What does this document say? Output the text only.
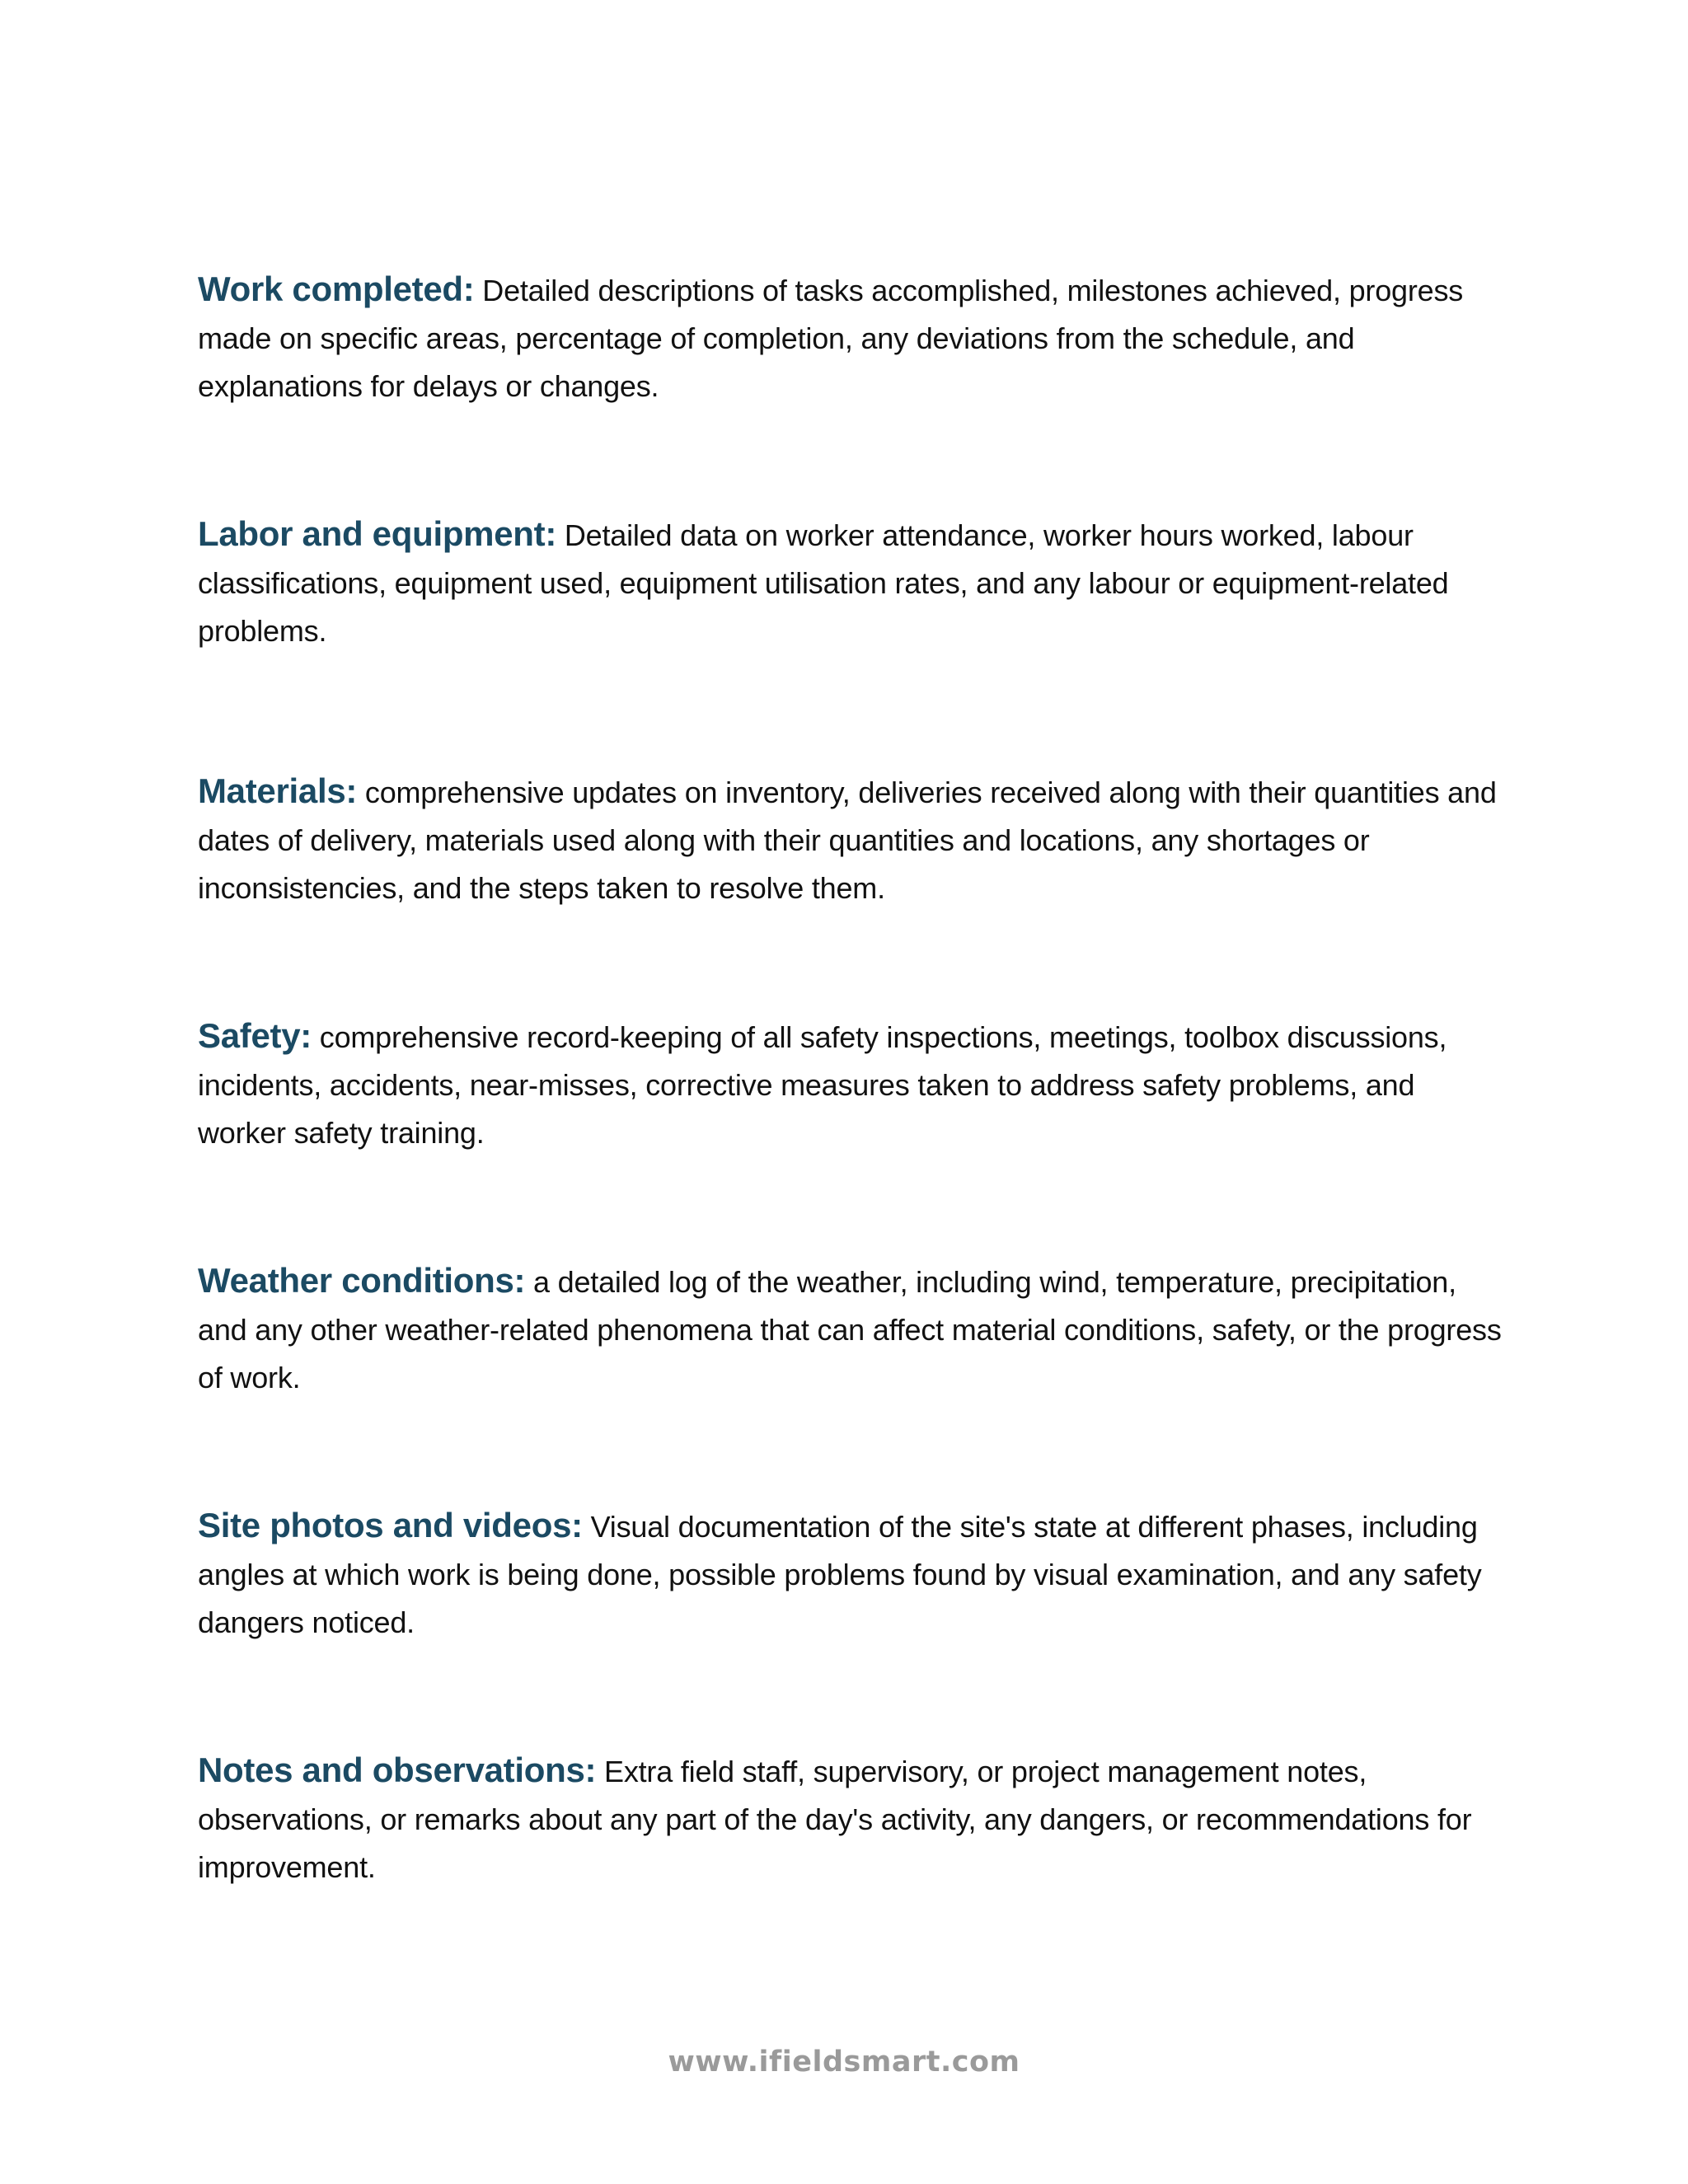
Work completed: Detailed descriptions of tasks accomplished, milestones achieved, progress made on specific areas, percentage of completion, any deviations from the schedule, and explanations for delays or changes.

Labor and equipment: Detailed data on worker attendance, worker hours worked, labour classifications, equipment used, equipment utilisation rates, and any labour or equipment-related problems.

Materials: comprehensive updates on inventory, deliveries received along with their quantities and dates of delivery, materials used along with their quantities and locations, any shortages or inconsistencies, and the steps taken to resolve them.

Safety: comprehensive record-keeping of all safety inspections, meetings, toolbox discussions, incidents, accidents, near-misses, corrective measures taken to address safety problems, and worker safety training.

Weather conditions: a detailed log of the weather, including wind, temperature, precipitation, and any other weather-related phenomena that can affect material conditions, safety, or the progress of work.

Site photos and videos: Visual documentation of the site's state at different phases, including angles at which work is being done, possible problems found by visual examination, and any safety dangers noticed.

Notes and observations: Extra field staff, supervisory, or project management notes, observations, or remarks about any part of the day's activity, any dangers, or recommendations for improvement.

www.ifieldsmart.com
